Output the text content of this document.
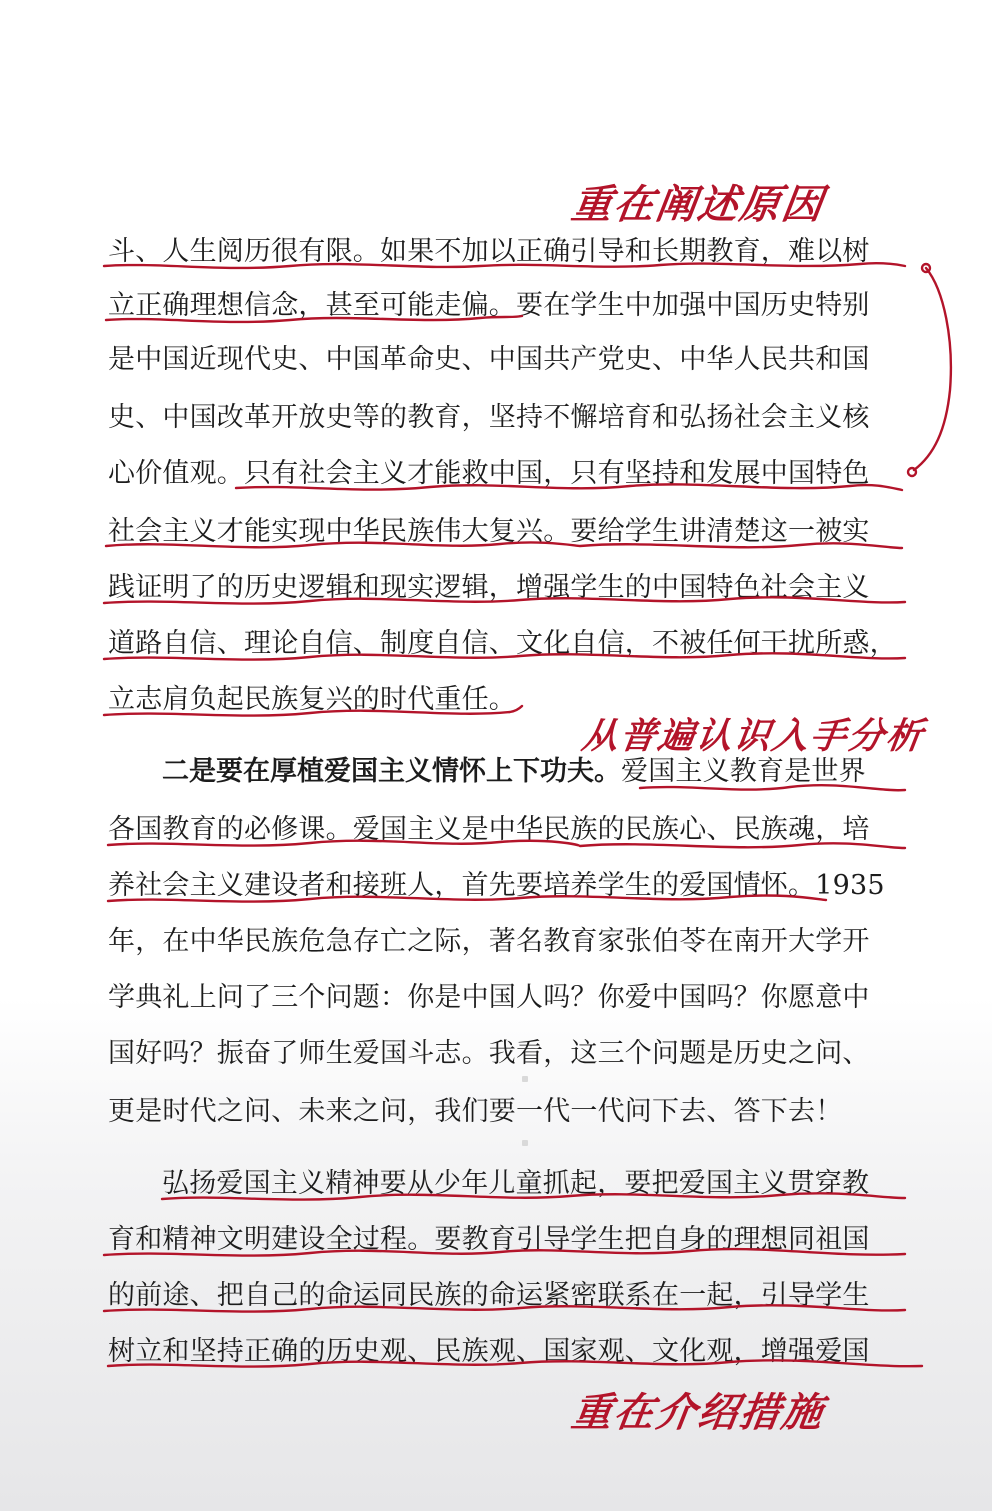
斗、人生阅历很有限。如果不加以正确引导和长期教育，难以树
立正确理想信念，甚至可能走偏。要在学生中加强中国历史特别
是中国近现代史、中国革命史、中国共产党史、中华人民共和国
史、中国改革开放史等的教育，坚持不懈培育和弘扬社会主义核
心价值观。只有社会主义才能救中国，只有坚持和发展中国特色
社会主义才能实现中华民族伟大复兴。要给学生讲清楚这一被实
践证明了的历史逻辑和现实逻辑，增强学生的中国特色社会主义
道路自信、理论自信、制度自信、文化自信，不被任何干扰所惑，
立志肩负起民族复兴的时代重任。
二是要在厚植爱国主义情怀上下功夫。爱国主义教育是世界
各国教育的必修课。爱国主义是中华民族的民族心、民族魂，培
养社会主义建设者和接班人，首先要培养学生的爱国情怀。1935
年，在中华民族危急存亡之际，著名教育家张伯苓在南开大学开
学典礼上问了三个问题：你是中国人吗？你爱中国吗？你愿意中
国好吗？振奋了师生爱国斗志。我看，这三个问题是历史之问、
更是时代之问、未来之问，我们要一代一代问下去、答下去！
弘扬爱国主义精神要从少年儿童抓起，要把爱国主义贯穿教
育和精神文明建设全过程。要教育引导学生把自身的理想同祖国
的前途、把自己的命运同民族的命运紧密联系在一起，引导学生
树立和坚持正确的历史观、民族观、国家观、文化观，增强爱国
重在阐述原因
从普遍认识入手分析
重在介绍措施
